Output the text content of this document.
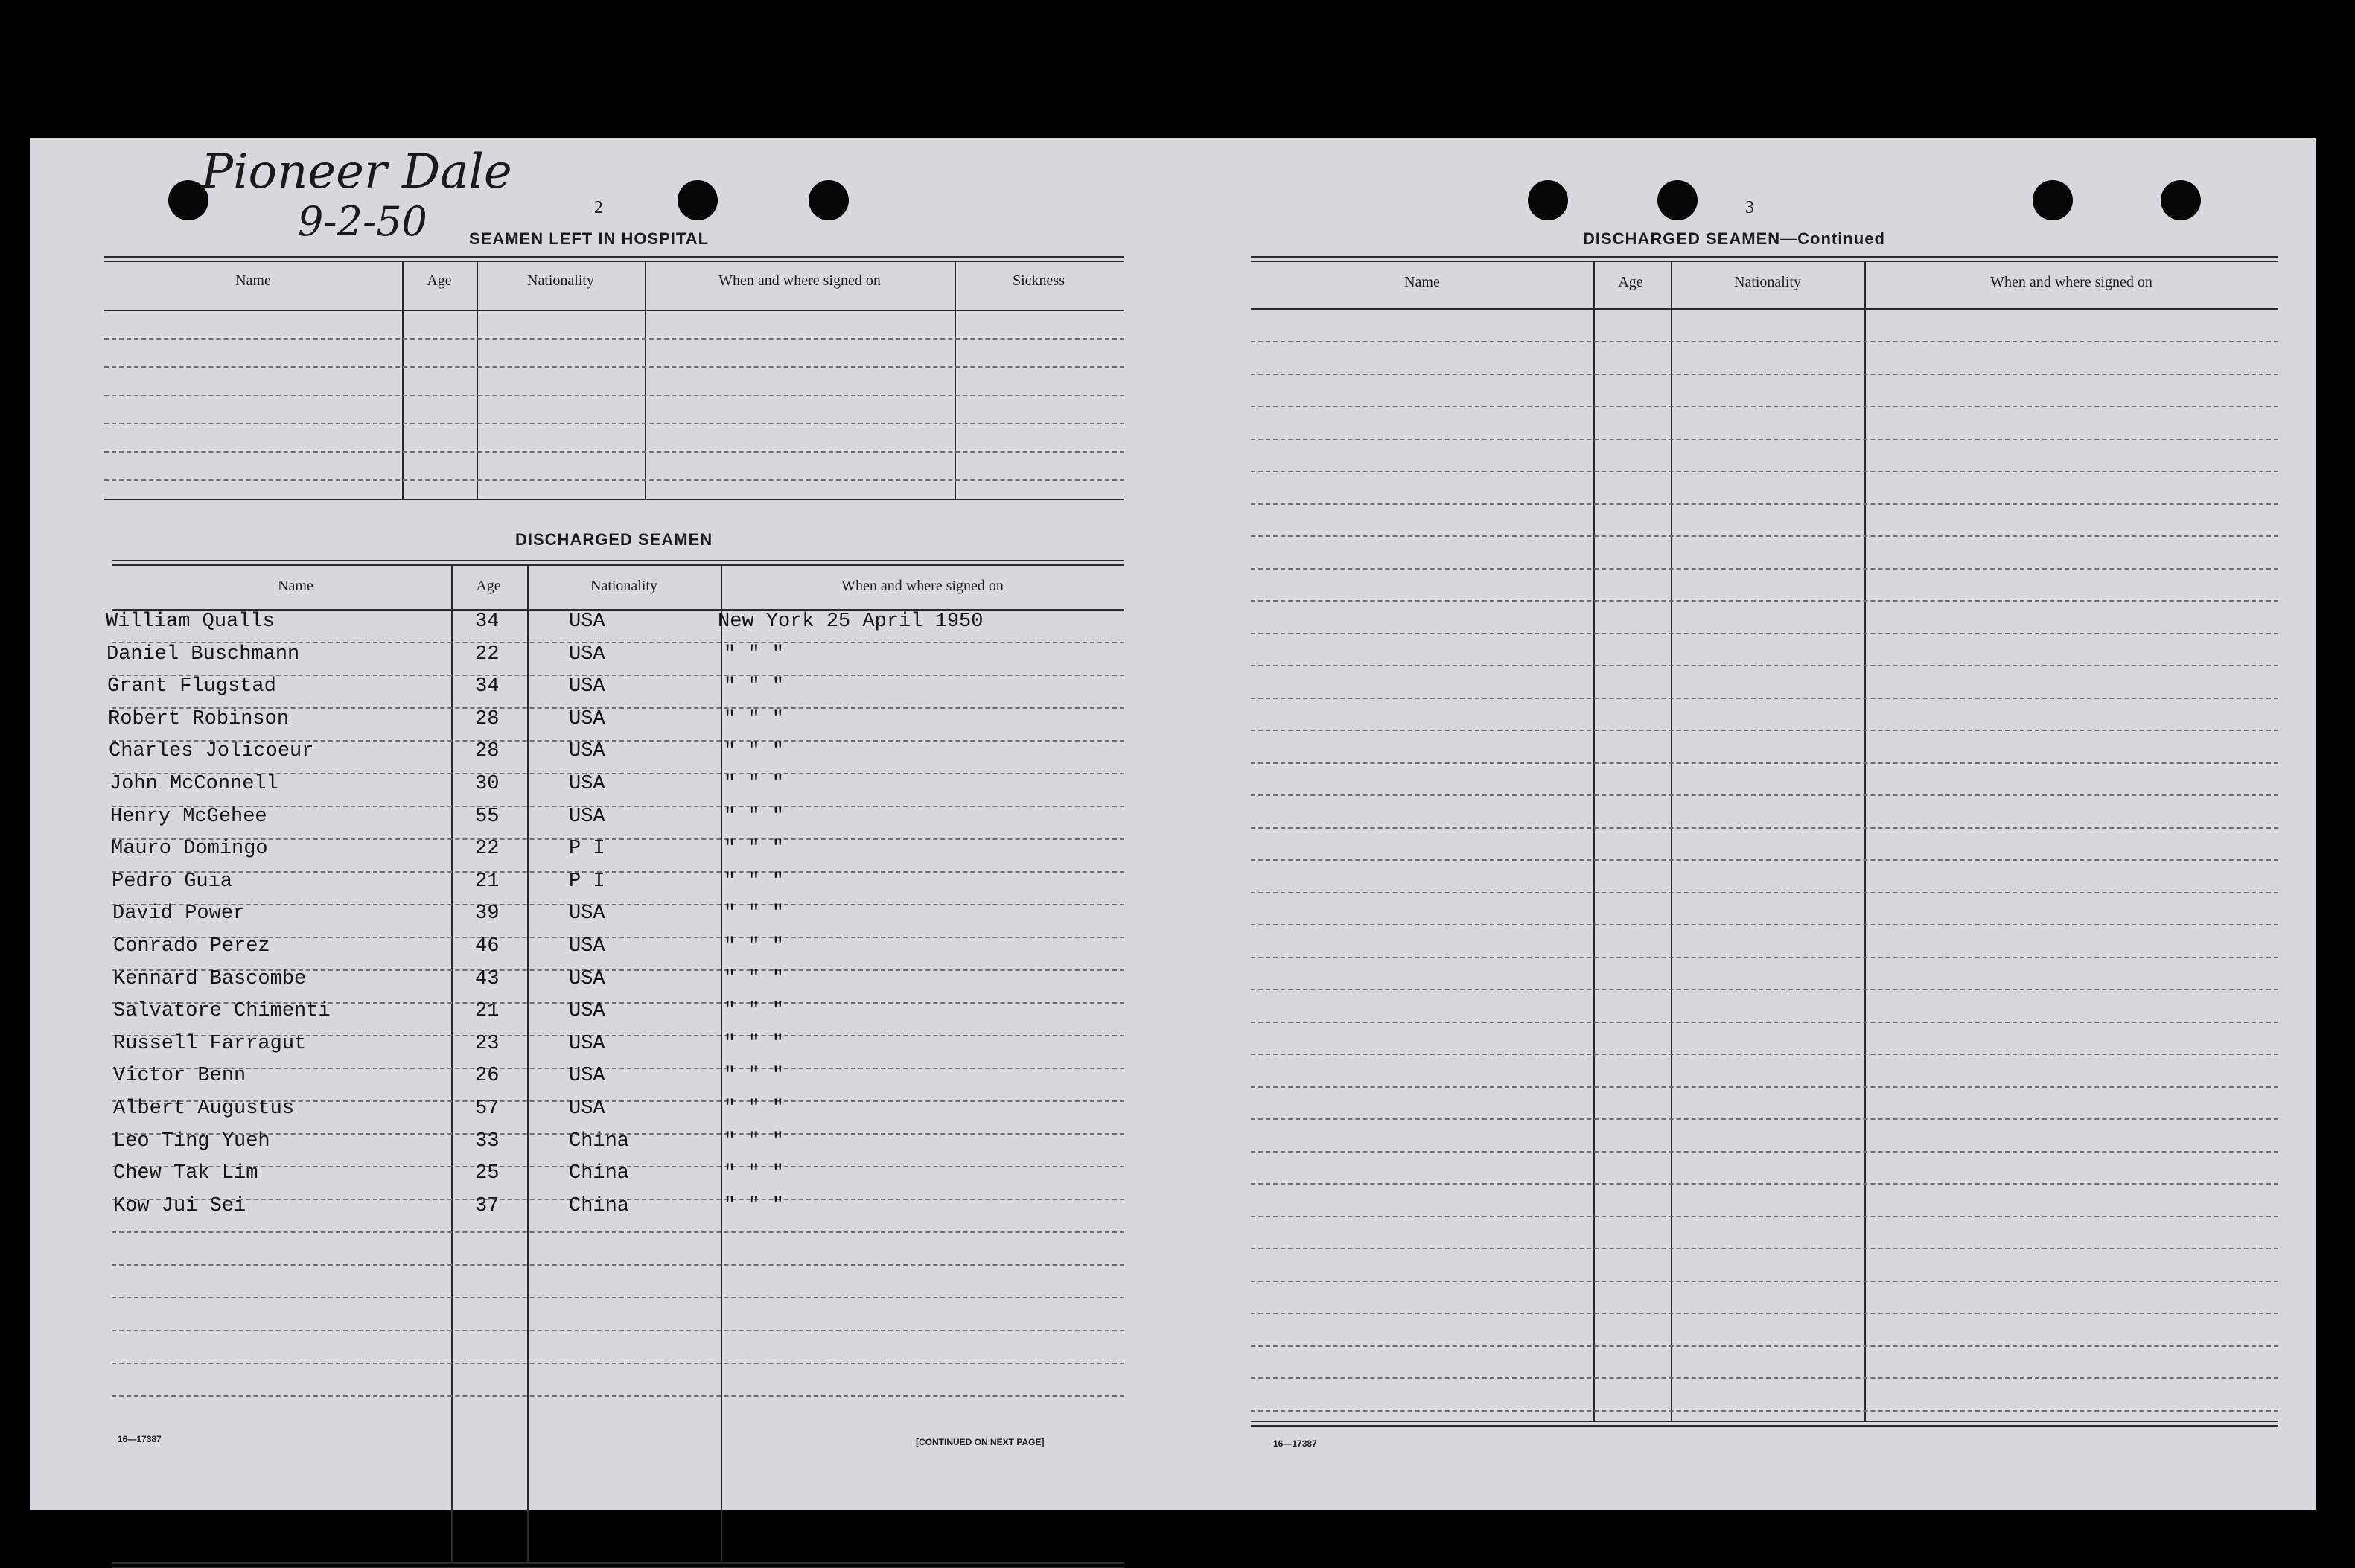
Pioneer Dale
9-2-50	2
SEAMEN LEFT IN HOSPITAL
Name	Age	Nationality	When and where signed on	Sickness
DISCHARGED SEAMEN
Name	Age	Nationality	When and where signed on
William Qualls	34	USA	New York 25 April 1950
Daniel Buschmann	22	USA	" " "
Grant Flugstad	34	USA	" " "
Robert Robinson	28	USA	" " "
Charles Jolicoeur	28	USA	" " "
John McConnell	30	USA	" " "
Henry McGehee	55	USA	" " "
Mauro Domingo	22	P I	" " "
Pedro Guia	21	P I	" " "
David Power	39	USA	" " "
Conrado Perez	46	USA	" " "
Kennard Bascombe	43	USA	" " "
Salvatore Chimenti	21	USA	" " "
Russell Farragut	23	USA	" " "
Victor Benn	26	USA	" " "
Albert Augustus	57	USA	" " "
Leo Ting Yueh	33	China	" " "
Chew Tak Lim	25	China	" " "
Kow Jui Sei	37	China	" " "
16—17387	[CONTINUED ON NEXT PAGE]
3
DISCHARGED SEAMEN—Continued
Name	Age	Nationality	When and where signed on
16—17387
